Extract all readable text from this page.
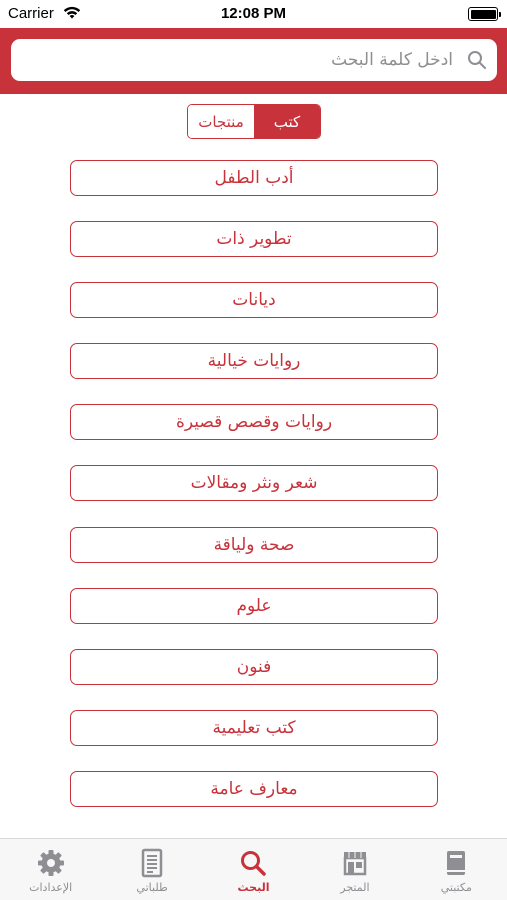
Carrier	12:08 PM
ادخل كلمة البحث
كتب
منتجات
أدب الطفل
تطوير ذات
ديانات
روايات خيالية
روايات وقصص قصيرة
شعر ونثر ومقالات
صحة ولياقة
علوم
فنون
كتب تعليمية
معارف عامة
مكتبتي
المتجر
البحث
طلباتي
الإعدادات
